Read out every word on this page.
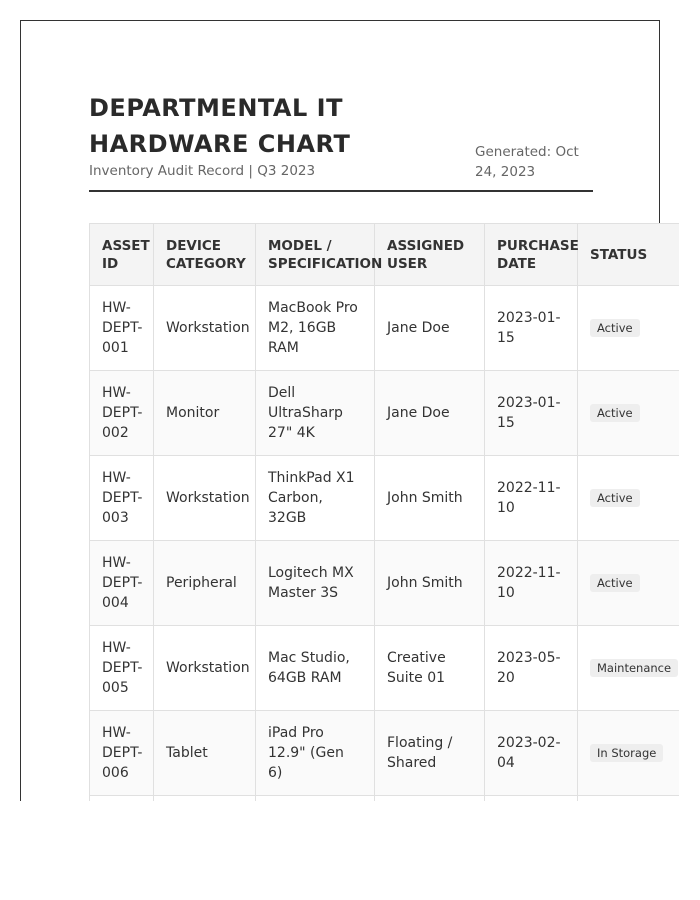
DEPARTMENTAL IT HARDWARE CHART
Inventory Audit Record | Q3 2023
Generated: Oct 24, 2023
ASSET ID	DEVICE CATEGORY	MODEL / SPECIFICATION	ASSIGNED USER	PURCHASE DATE	STATUS
HW-DEPT-001	Workstation	MacBook Pro M2, 16GB RAM	Jane Doe	2023-01-15	Active
HW-DEPT-002	Monitor	Dell UltraSharp 27" 4K	Jane Doe	2023-01-15	Active
HW-DEPT-003	Workstation	ThinkPad X1 Carbon, 32GB	John Smith	2022-11-10	Active
HW-DEPT-004	Peripheral	Logitech MX Master 3S	John Smith	2022-11-10	Active
HW-DEPT-005	Workstation	Mac Studio, 64GB RAM	Creative Suite 01	2023-05-20	Maintenance
HW-DEPT-006	Tablet	iPad Pro 12.9" (Gen 6)	Floating / Shared	2023-02-04	In Storage
